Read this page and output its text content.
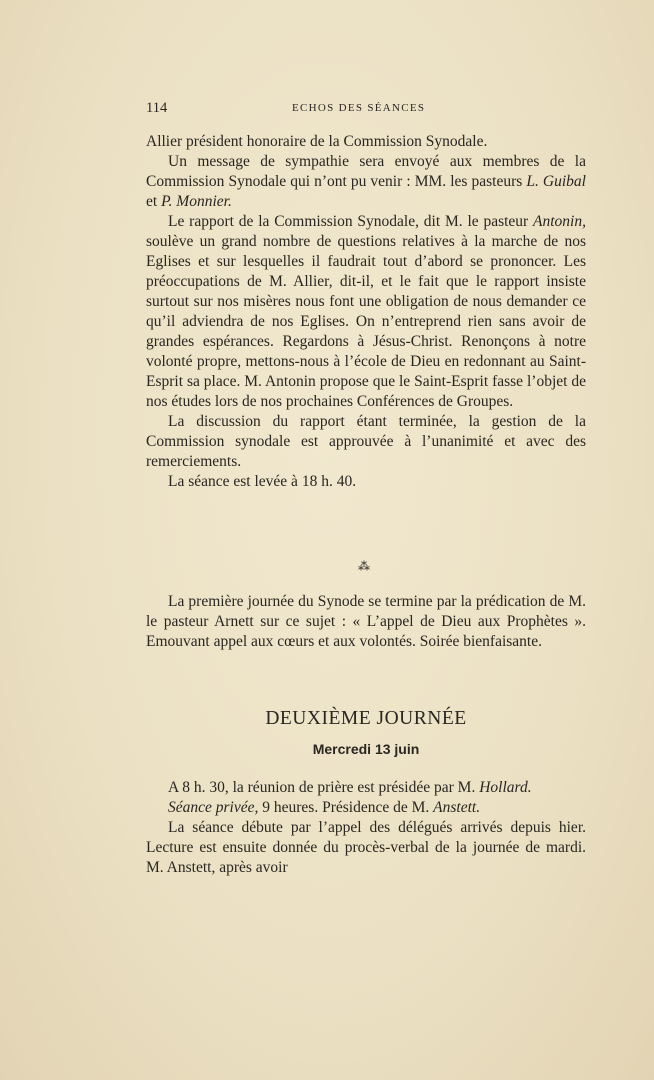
114	ECHOS DES SÉANCES

Allier président honoraire de la Commission Synodale.

Un message de sympathie sera envoyé aux membres de la Commission Synodale qui n’ont pu venir : MM. les pasteurs L. Guibal et P. Monnier.

Le rapport de la Commission Synodale, dit M. le pasteur Antonin, soulève un grand nombre de questions relatives à la marche de nos Eglises et sur lesquelles il faudrait tout d’abord se prononcer. Les préoccupations de M. Allier, dit-il, et le fait que le rapport insiste surtout sur nos misères nous font une obligation de nous demander ce qu’il adviendra de nos Eglises. On n’entreprend rien sans avoir de grandes espérances. Regardons à Jésus-Christ. Renonçons à notre volonté propre, mettons-nous à l’école de Dieu en redonnant au Saint-Esprit sa place. M. Antonin propose que le Saint-Esprit fasse l’objet de nos études lors de nos prochaines Conférences de Groupes.

La discussion du rapport étant terminée, la gestion de la Commission synodale est approuvée à l’unanimité et avec des remerciements.

La séance est levée à 18 h. 40.

⁂

La première journée du Synode se termine par la prédication de M. le pasteur Arnett sur ce sujet : « L’appel de Dieu aux Prophètes ». Emouvant appel aux cœurs et aux volontés. Soirée bienfaisante.

DEUXIÈME JOURNÉE
Mercredi 13 juin

A 8 h. 30, la réunion de prière est présidée par M. Hollard.

Séance privée, 9 heures. Présidence de M. Anstett.

La séance débute par l’appel des délégués arrivés depuis hier. Lecture est ensuite donnée du procès-verbal de la journée de mardi. M. Anstett, après avoir
